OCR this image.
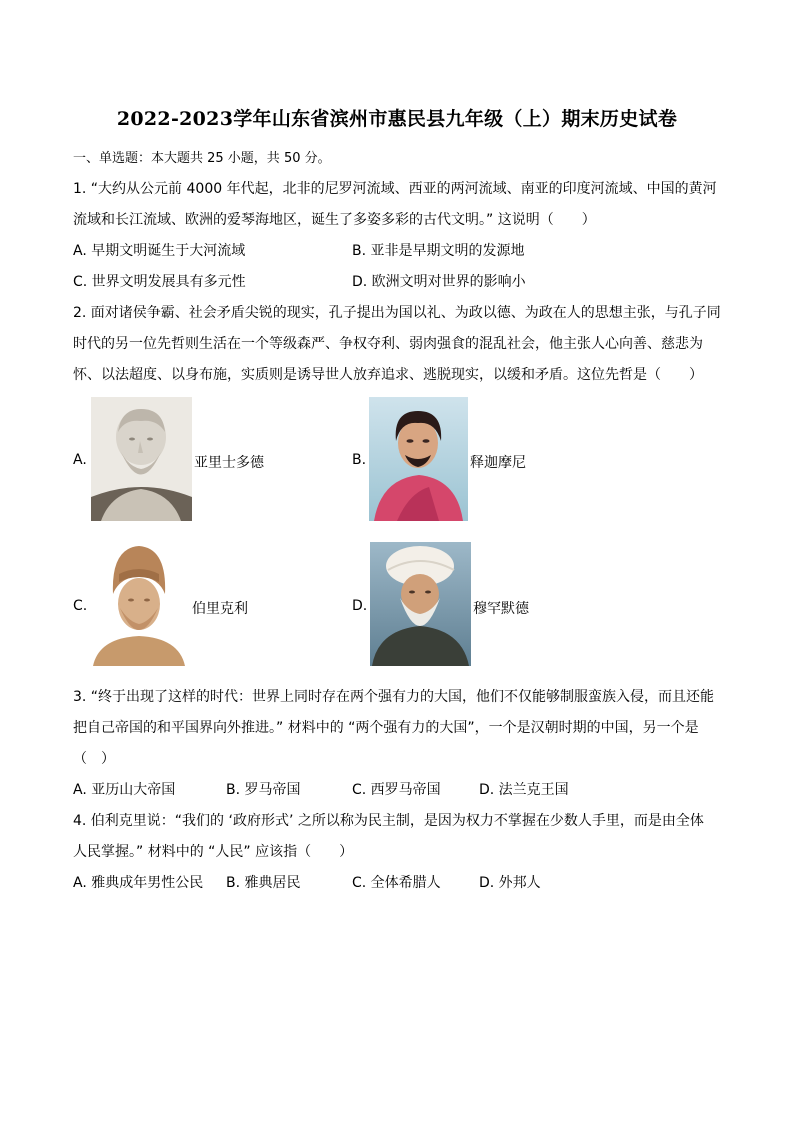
2022-2023学年山东省滨州市惠民县九年级（上）期末历史试卷
一、单选题：本大题共 25 小题，共 50 分。
1. “大约从公元前 4000 年代起，北非的尼罗河流域、西亚的两河流域、南亚的印度河流域、中国的黄河
流域和长江流域、欧洲的爱琴海地区，诞生了多姿多彩的古代文明。” 这说明（　　）
A. 早期文明诞生于大河流域	B. 亚非是早期文明的发源地
C. 世界文明发展具有多元性	D. 欧洲文明对世界的影响小
2. 面对诸侯争霸、社会矛盾尖锐的现实，孔子提出为国以礼、为政以德、为政在人的思想主张，与孔子同
时代的另一位先哲则生活在一个等级森严、争权夺利、弱肉强食的混乱社会，他主张人心向善、慈悲为
怀、以法超度、以身布施，实质则是诱导世人放弃追求、逃脱现实，以缓和矛盾。这位先哲是（　　）
A.	亚里士多德	B.	释迦摩尼
C.	伯里克利	D.	穆罕默德
3. “终于出现了这样的时代：世界上同时存在两个强有力的大国，他们不仅能够制服蛮族入侵，而且还能
把自己帝国的和平国界向外推进。” 材料中的 “两个强有力的大国”，一个是汉朝时期的中国，另一个是
（　）
A. 亚历山大帝国	B. 罗马帝国	C. 西罗马帝国	D. 法兰克王国
4. 伯利克里说：“我们的 ‘政府形式’ 之所以称为民主制，是因为权力不掌握在少数人手里，而是由全体
人民掌握。” 材料中的 “人民” 应该指（　　）
A. 雅典成年男性公民 B. 雅典居民	C. 全体希腊人	D. 外邦人
